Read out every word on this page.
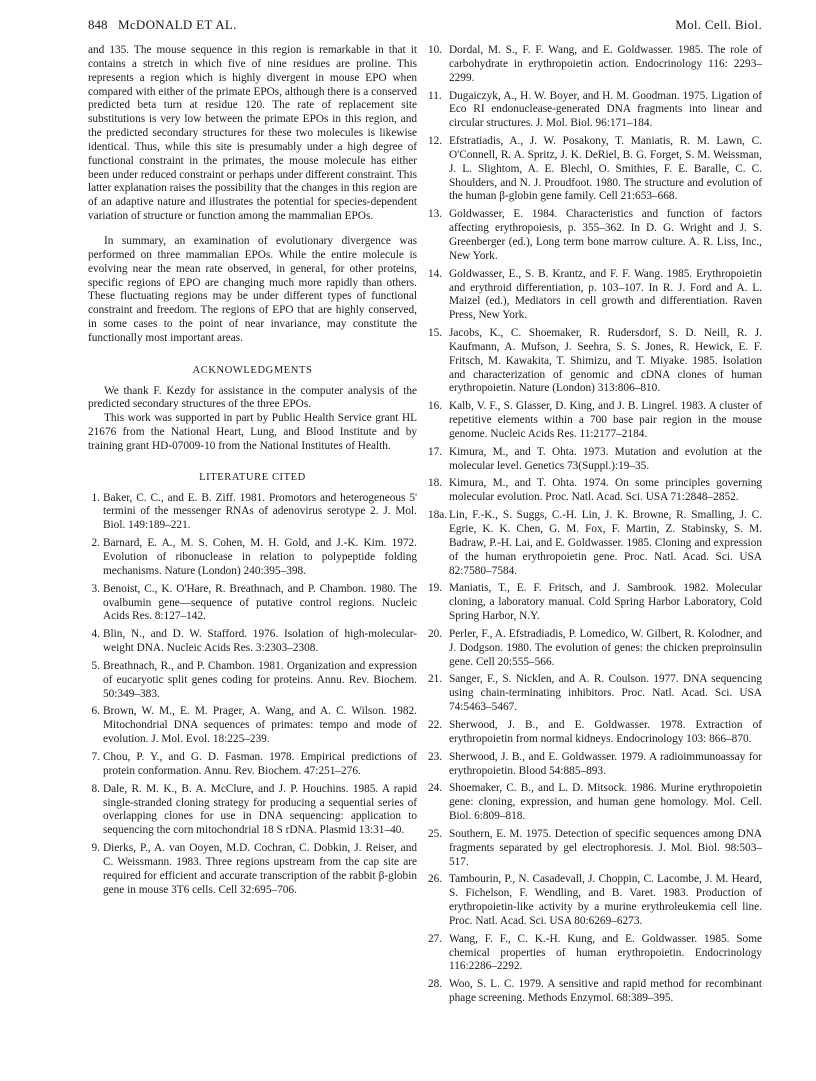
848 McDONALD ET AL.	Mol. Cell. Biol.

and 135. The mouse sequence in this region is remarkable in that it contains a stretch in which five of nine residues are proline. This represents a region which is highly divergent in mouse EPO when compared with either of the primate EPOs, although there is a conserved predicted beta turn at residue 120. The rate of replacement site substitutions is very low between the primate EPOs in this region, and the predicted secondary structures for these two molecules is likewise identical. Thus, while this site is presumably under a high degree of functional constraint in the primates, the mouse molecule has either been under reduced constraint or perhaps under different constraint. This latter explanation raises the possibility that the changes in this region are of an adaptive nature and illustrates the potential for species-dependent variation of structure or function among the mammalian EPOs.

In summary, an examination of evolutionary divergence was performed on three mammalian EPOs. While the entire molecule is evolving near the mean rate observed, in general, for other proteins, specific regions of EPO are changing much more rapidly than others. These fluctuating regions may be under different types of functional constraint and freedom. The regions of EPO that are highly conserved, in some cases to the point of near invariance, may constitute the functionally most important areas.

ACKNOWLEDGMENTS

We thank F. Kezdy for assistance in the computer analysis of the predicted secondary structures of the three EPOs.

This work was supported in part by Public Health Service grant HL 21676 from the National Heart, Lung, and Blood Institute and by training grant HD-07009-10 from the National Institutes of Health.

LITERATURE CITED
1. Baker, C. C., and E. B. Ziff. 1981. Promotors and heterogeneous 5' termini of the messenger RNAs of adenovirus serotype 2. J. Mol. Biol. 149:189–221.
2. Barnard, E. A., M. S. Cohen, M. H. Gold, and J.-K. Kim. 1972. Evolution of ribonuclease in relation to polypeptide folding mechanisms. Nature (London) 240:395–398.
3. Benoist, C., K. O'Hare, R. Breathnach, and P. Chambon. 1980. The ovalbumin gene—sequence of putative control regions. Nucleic Acids Res. 8:127–142.
4. Blin, N., and D. W. Stafford. 1976. Isolation of high-molecular-weight DNA. Nucleic Acids Res. 3:2303–2308.
5. Breathnach, R., and P. Chambon. 1981. Organization and expression of eucaryotic split genes coding for proteins. Annu. Rev. Biochem. 50:349–383.
6. Brown, W. M., E. M. Prager, A. Wang, and A. C. Wilson. 1982. Mitochondrial DNA sequences of primates: tempo and mode of evolution. J. Mol. Evol. 18:225–239.
7. Chou, P. Y., and G. D. Fasman. 1978. Empirical predictions of protein conformation. Annu. Rev. Biochem. 47:251–276.
8. Dale, R. M. K., B. A. McClure, and J. P. Houchins. 1985. A rapid single-stranded cloning strategy for producing a sequential series of overlapping clones for use in DNA sequencing: application to sequencing the corn mitochondrial 18 S rDNA. Plasmid 13:31–40.
9. Dierks, P., A. van Ooyen, M.D. Cochran, C. Dobkin, J. Reiser, and C. Weissmann. 1983. Three regions upstream from the cap site are required for efficient and accurate transcription of the rabbit β-globin gene in mouse 3T6 cells. Cell 32:695–706.
10. Dordal, M. S., F. F. Wang, and E. Goldwasser. 1985. The role of carbohydrate in erythropoietin action. Endocrinology 116: 2293–2299.
11. Dugaiczyk, A., H. W. Boyer, and H. M. Goodman. 1975. Ligation of Eco RI endonuclease-generated DNA fragments into linear and circular structures. J. Mol. Biol. 96:171–184.
12. Efstratiadis, A., J. W. Posakony, T. Maniatis, R. M. Lawn, C. O'Connell, R. A. Spritz, J. K. DeRiel, B. G. Forget, S. M. Weissman, J. L. Slightom, A. E. Blechl, O. Smithies, F. E. Baralle, C. C. Shoulders, and N. J. Proudfoot. 1980. The structure and evolution of the human β-globin gene family. Cell 21:653–668.
13. Goldwasser, E. 1984. Characteristics and function of factors affecting erythropoiesis, p. 355–362. In D. G. Wright and J. S. Greenberger (ed.), Long term bone marrow culture. A. R. Liss, Inc., New York.
14. Goldwasser, E., S. B. Krantz, and F. F. Wang. 1985. Erythropoietin and erythroid differentiation, p. 103–107. In R. J. Ford and A. L. Maizel (ed.), Mediators in cell growth and differentiation. Raven Press, New York.
15. Jacobs, K., C. Shoemaker, R. Rudersdorf, S. D. Neill, R. J. Kaufmann, A. Mufson, J. Seehra, S. S. Jones, R. Hewick, E. F. Fritsch, M. Kawakita, T. Shimizu, and T. Miyake. 1985. Isolation and characterization of genomic and cDNA clones of human erythropoietin. Nature (London) 313:806–810.
16. Kalb, V. F., S. Glasser, D. King, and J. B. Lingrel. 1983. A cluster of repetitive elements within a 700 base pair region in the mouse genome. Nucleic Acids Res. 11:2177–2184.
17. Kimura, M., and T. Ohta. 1973. Mutation and evolution at the molecular level. Genetics 73(Suppl.):19–35.
18. Kimura, M., and T. Ohta. 1974. On some principles governing molecular evolution. Proc. Natl. Acad. Sci. USA 71:2848–2852.
18a. Lin, F.-K., S. Suggs, C.-H. Lin, J. K. Browne, R. Smalling, J. C. Egrie, K. K. Chen, G. M. Fox, F. Martin, Z. Stabinsky, S. M. Badraw, P.-H. Lai, and E. Goldwasser. 1985. Cloning and expression of the human erythropoietin gene. Proc. Natl. Acad. Sci. USA 82:7580–7584.
19. Maniatis, T., E. F. Fritsch, and J. Sambrook. 1982. Molecular cloning, a laboratory manual. Cold Spring Harbor Laboratory, Cold Spring Harbor, N.Y.
20. Perler, F., A. Efstradiadis, P. Lomedico, W. Gilbert, R. Kolodner, and J. Dodgson. 1980. The evolution of genes: the chicken preproinsulin gene. Cell 20:555–566.
21. Sanger, F., S. Nicklen, and A. R. Coulson. 1977. DNA sequencing using chain-terminating inhibitors. Proc. Natl. Acad. Sci. USA 74:5463–5467.
22. Sherwood, J. B., and E. Goldwasser. 1978. Extraction of erythropoietin from normal kidneys. Endocrinology 103: 866–870.
23. Sherwood, J. B., and E. Goldwasser. 1979. A radioimmunoassay for erythropoietin. Blood 54:885–893.
24. Shoemaker, C. B., and L. D. Mitsock. 1986. Murine erythropoietin gene: cloning, expression, and human gene homology. Mol. Cell. Biol. 6:809–818.
25. Southern, E. M. 1975. Detection of specific sequences among DNA fragments separated by gel electrophoresis. J. Mol. Biol. 98:503–517.
26. Tambourin, P., N. Casadevall, J. Choppin, C. Lacombe, J. M. Heard, S. Fichelson, F. Wendling, and B. Varet. 1983. Production of erythropoietin-like activity by a murine erythroleukemia cell line. Proc. Natl. Acad. Sci. USA 80:6269–6273.
27. Wang, F. F., C. K.-H. Kung, and E. Goldwasser. 1985. Some chemical properties of human erythropoietin. Endocrinology 116:2286–2292.
28. Woo, S. L. C. 1979. A sensitive and rapid method for recombinant phage screening. Methods Enzymol. 68:389–395.
